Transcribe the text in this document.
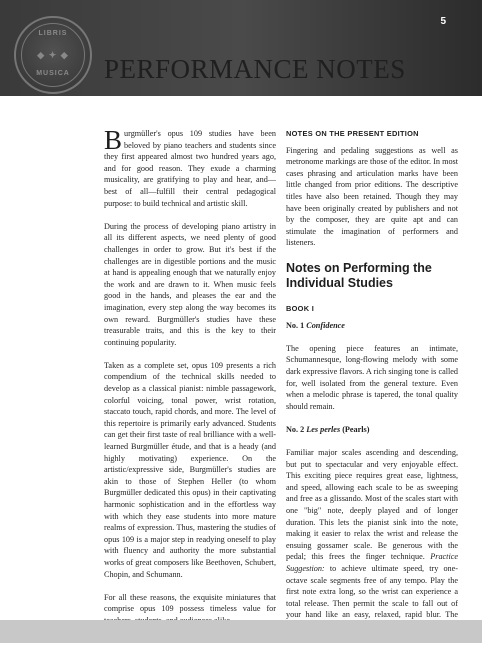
LIBRIS
◆ ✦ ◆
MUSICA
5
PERFORMANCE NOTES

Burgmüller's opus 109 studies have been beloved by piano teachers and students since they first appeared almost two hundred years ago, and for good reason. They exude a charming musicality, are gratifying to play and hear, and—best of all—fulfill their central pedagogical purpose: to build technical and artistic skill.

During the process of developing piano artistry in all its different aspects, we need plenty of good challenges in order to grow. But it's best if the challenges are in digestible portions and the music at hand is appealing enough that we naturally enjoy the work and are drawn to it. When music feels good in the hands, and pleases the ear and the imagination, every step along the way becomes its own reward. Burgmüller's studies have these treasurable traits, and this is the key to their continuing popularity.

Taken as a complete set, opus 109 presents a rich compendium of the technical skills needed to develop as a classical pianist: nimble passagework, colorful voicing, tonal power, wrist rotation, staccato touch, rapid chords, and more. The level of this repertoire is primarily early advanced. Students can get their first taste of real brilliance with a well-learned Burgmüller étude, and that is a heady (and highly motivating) experience. On the artistic/expressive side, Burgmüller's studies are akin to those of Stephen Heller (to whom Burgmüller dedicated this opus) in their captivating harmonic sophistication and in the effortless way with which they ease students into more mature realms of expression. Thus, mastering the studies of opus 109 is a major step in readying oneself to play with fluency and authority the more substantial works of great composers like Beethoven, Schubert, Chopin, and Schumann.

For all these reasons, the exquisite miniatures that comprise opus 109 possess timeless value for

NOTES ON THE PRESENT EDITION

Fingering and pedaling suggestions as well as metronome markings are those of the editor. In most cases phrasing and articulation marks have been little changed from prior editions. The descriptive titles have also been retained. Though they may have been originally created by publishers and not by the composer, they are quite apt and can stimulate the imagination of performers and listeners.

Notes on Performing the Individual Studies
BOOK I

No. 1 Confidence

The opening piece features an intimate, Schumannesque, long-flowing melody with some dark expressive flavors. A rich singing tone is called for, well isolated from the general texture. Even when a melodic phrase is tapered, the tonal quality should remain.

No. 2 Les perles (Pearls)

Familiar major scales ascending and descending, but put to spectacular and very enjoyable effect. This exciting piece requires great ease, lightness, and speed, allowing each scale to be as sweeping and free as a glissando. Most of the scales start with one "big" note, deeply played and of longer duration. This lets the pianist sink into the note, making it easier to relax the wrist and release the ensuing gossamer scale. Be generous with the pedal; this frees the finger technique. Practice Suggestion: to achieve ultimate speed, try one-octave scale segments free of any tempo. Play the first note extra long, so the wrist can experience a total release. Then permit the scale to fall out of your hand like an easy, relaxed, rapid blur. The
